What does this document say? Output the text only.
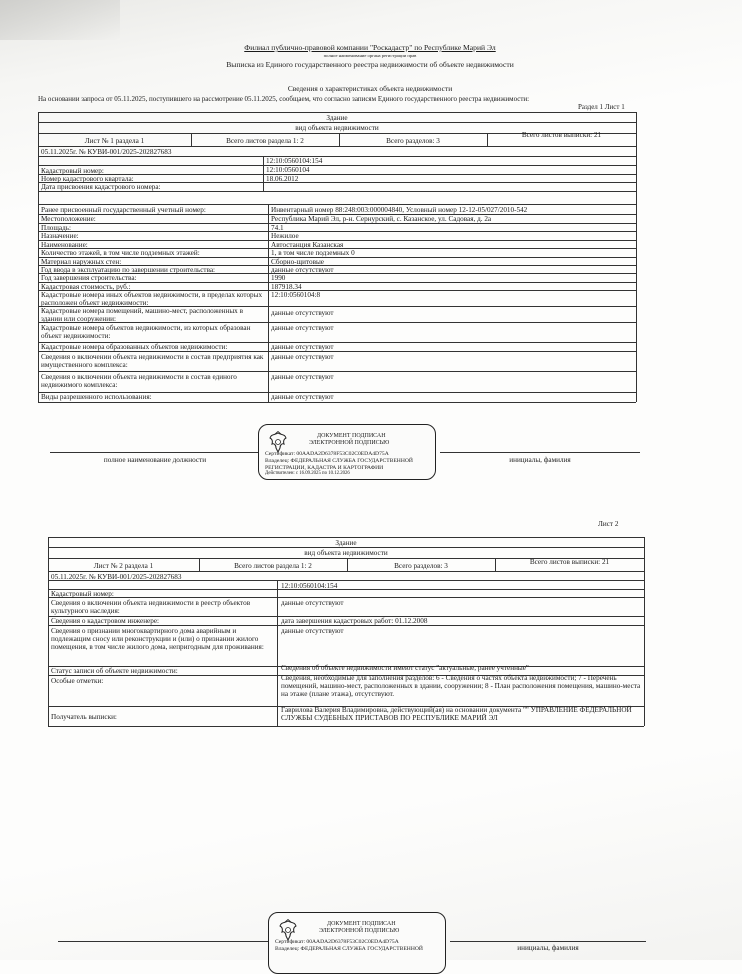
Филиал публично-правовой компании "Роскадастр" по Республике Марий Эл
полное наименование органа регистрации прав
Выписка из Единого государственного реестра недвижимости об объекте недвижимости
Сведения о характеристиках объекта недвижимости
На основании запроса от 05.11.2025, поступившего на рассмотрение 05.11.2025, сообщаем, что согласно записям Единого государственного реестра недвижимости:
Раздел 1 Лист 1
Здание
вид объекта недвижимости
Лист № 1 раздела 1	Всего листов раздела 1: 2	Всего разделов: 3
Всего листов выписки: 21
05.11.2025г. № КУВИ-001/2025-202827683
Кадастровый номер:
12:10:0560104:154
Номер кадастрового квартала:
12:10:0560104
Дата присвоения кадастрового номера:
18.06.2012
Ранее присвоенный государственный учетный номер:	Инвентарный номер 88:248:003:000004840, Условный номер 12-12-05/027/2010-542
Местоположение:	Республика Марий Эл, р-н. Сернурский, с. Казанское, ул. Садовая, д. 2а
Площадь:	74.1
Назначение:	Нежилое
Наименование:	Автостанция Казанская
Количество этажей, в том числе подземных этажей:	1, в том числе подземных 0
Материал наружных стен:	Сборно-щитовые
Год ввода в эксплуатацию по завершении строительства:	данные отсутствуют
Год завершения строительства:	1990
Кадастровая стоимость, руб.:	187918.34
Кадастровые номера иных объектов недвижимости, в пределах которых расположен объект недвижимости:
12:10:0560104:8
Кадастровые номера помещений, машино-мест, расположенных в здании или сооружении:
данные отсутствуют
Кадастровые номера объектов недвижимости, из которых образован объект недвижимости:
данные отсутствуют
Кадастровые номера образованных объектов недвижимости:	данные отсутствуют
Сведения о включении объекта недвижимости в состав предприятия как имущественного комплекса:
данные отсутствуют
Сведения о включении объекта недвижимости в состав единого недвижимого комплекса:
данные отсутствуют
Виды разрешенного использования:	данные отсутствуют
полное наименование должности	инициалы, фамилия
ДОКУМЕНТ ПОДПИСАН
ЭЛЕКТРОННОЙ ПОДПИСЬЮ
Сертификат: 00AADA2D6378F53C02C0EDA4D75A
Владелец: ФЕДЕРАЛЬНАЯ СЛУЖБА ГОСУДАРСТВЕННОЙ
РЕГИСТРАЦИИ, КАДАСТРА И КАРТОГРАФИИ
Действителен: с 16.09.2025 по 10.12.2026
Лист 2
Здание
вид объекта недвижимости
Лист № 2 раздела 1	Всего листов раздела 1: 2	Всего разделов: 3	Всего листов выписки: 21
05.11.2025г. № КУВИ-001/2025-202827683
Кадастровый номер:
12:10:0560104:154
Сведения о включении объекта недвижимости в реестр объектов культурного наследия:
данные отсутствуют
Сведения о кадастровом инженере:	дата завершения кадастровых работ: 01.12.2008
Сведения о признании многоквартирного дома аварийным и подлежащим сносу или реконструкции и (или) о признании жилого помещения, в том числе жилого дома, непригодным для проживания:
данные отсутствуют
Статус записи об объекте недвижимости:	Сведения об объекте недвижимости имеют статус "актуальные, ранее учтенные"
Особые отметки:	Сведения, необходимые для заполнения разделов: 6 - Сведения о частях объекта недвижимости; 7 - Перечень помещений, машино-мест, расположенных в здании, сооружении; 8 - План расположения помещения, машино-места на этаже (плане этажа), отсутствуют.
Получатель выписки:
Гаврилова Валерия Владимировна, действующий(ая) на основании документа "" УПРАВЛЕНИЕ ФЕДЕРАЛЬНОЙ СЛУЖБЫ СУДЕБНЫХ ПРИСТАВОВ ПО РЕСПУБЛИКЕ МАРИЙ ЭЛ
инициалы, фамилия
ДОКУМЕНТ ПОДПИСАН
ЭЛЕКТРОННОЙ ПОДПИСЬЮ
Сертификат: 00AADA2D6378F53C02C0EDA4D75A
Владелец: ФЕДЕРАЛЬНАЯ СЛУЖБА ГОСУДАРСТВЕННОЙ
